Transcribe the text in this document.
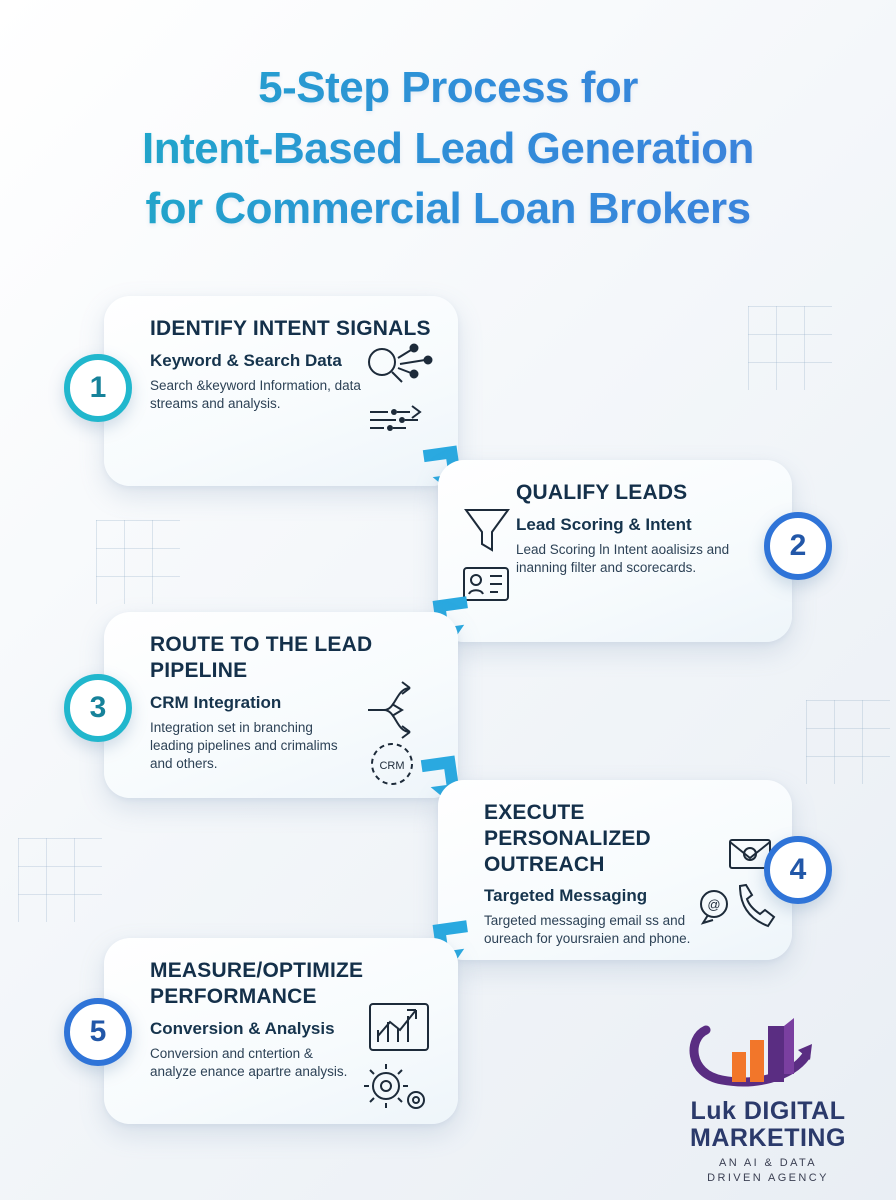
5-Step Process for
Intent-Based Lead Generation
for Commercial Loan Brokers
IDENTIFY INTENT SIGNALS
Keyword & Search Data
Search &keyword Information, data streams and analysis.
1
QUALIFY LEADS
Lead Scoring & Intent
Lead Scoring ln Intent aoalisizs and inanning filter and scorecards.
2
ROUTE TO THE LEAD PIPELINE
CRM Integration
Integration set in branching leading pipelines and crimalims and others.	CRM
3
EXECUTE PERSONALIZED OUTREACH
Targeted Messaging
Targeted messaging email ss and oureach for yoursraien and phone.
@
4
MEASURE/OPTIMIZE PERFORMANCE
Conversion & Analysis
Conversion and cntertion & analyze enance apartre analysis.
5
Luk DIGITAL
MARKETING
AN AI & DATA
DRIVEN AGENCY
